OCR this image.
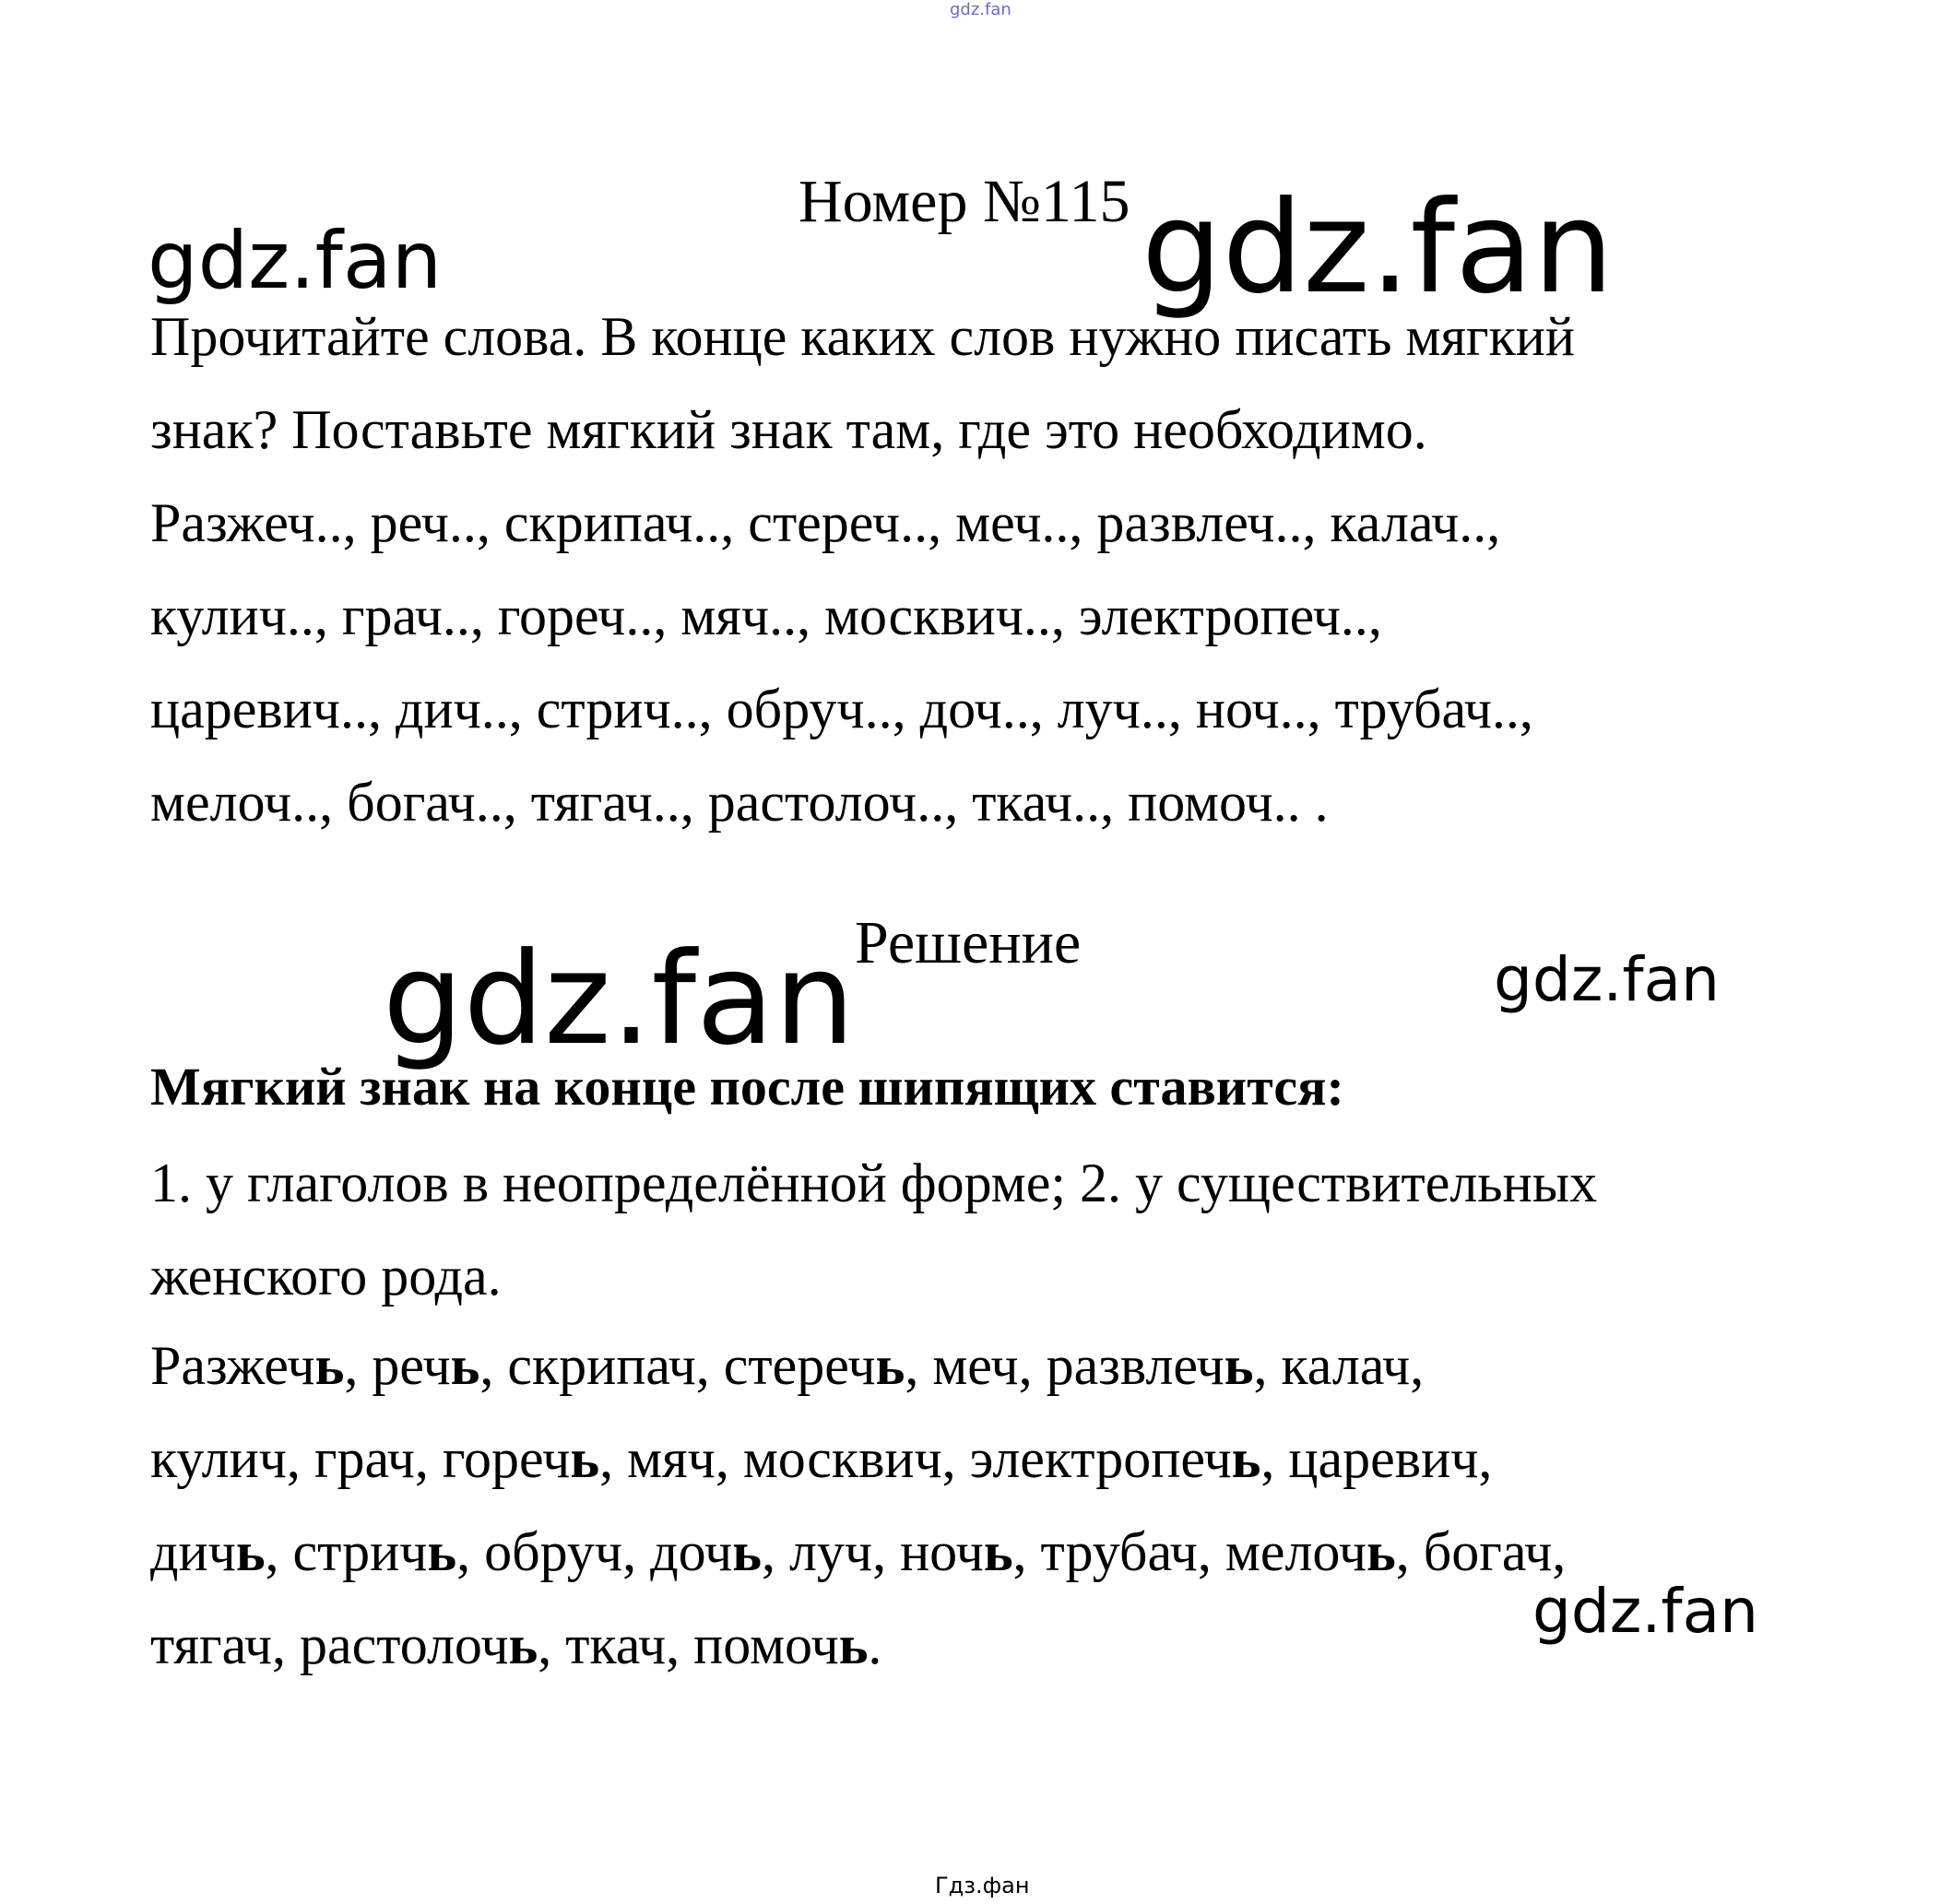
gdz.fan
Номер №115
gdz.fan	gdz.fan
Прочитайте слова. В конце каких слов нужно писать мягкий
знак? Поставьте мягкий знак там, где это необходимо.
Разжеч.., реч.., скрипач.., стереч.., меч.., развлеч.., калач..,
кулич.., грач.., гореч.., мяч.., москвич.., электропеч..,
царевич.., дич.., стрич.., обруч.., доч.., луч.., ноч.., трубач..,
мелоч.., богач.., тягач.., растолоч.., ткач.., помоч.. .
Решение
gdz.fan	gdz.fan
Мягкий знак на конце после шипящих ставится:
1. у глаголов в неопределённой форме; 2. у существительных женского рода.
Разжечь, речь, скрипач, стеречь, меч, развлечь, калач,
кулич, грач, горечь, мяч, москвич, электропечь, царевич,
дичь, стричь, обруч, дочь, луч, ночь, трубач, мелочь, богач,
тягач, растолочь, ткач, помочь.	gdz.fan
Гдз.фан
